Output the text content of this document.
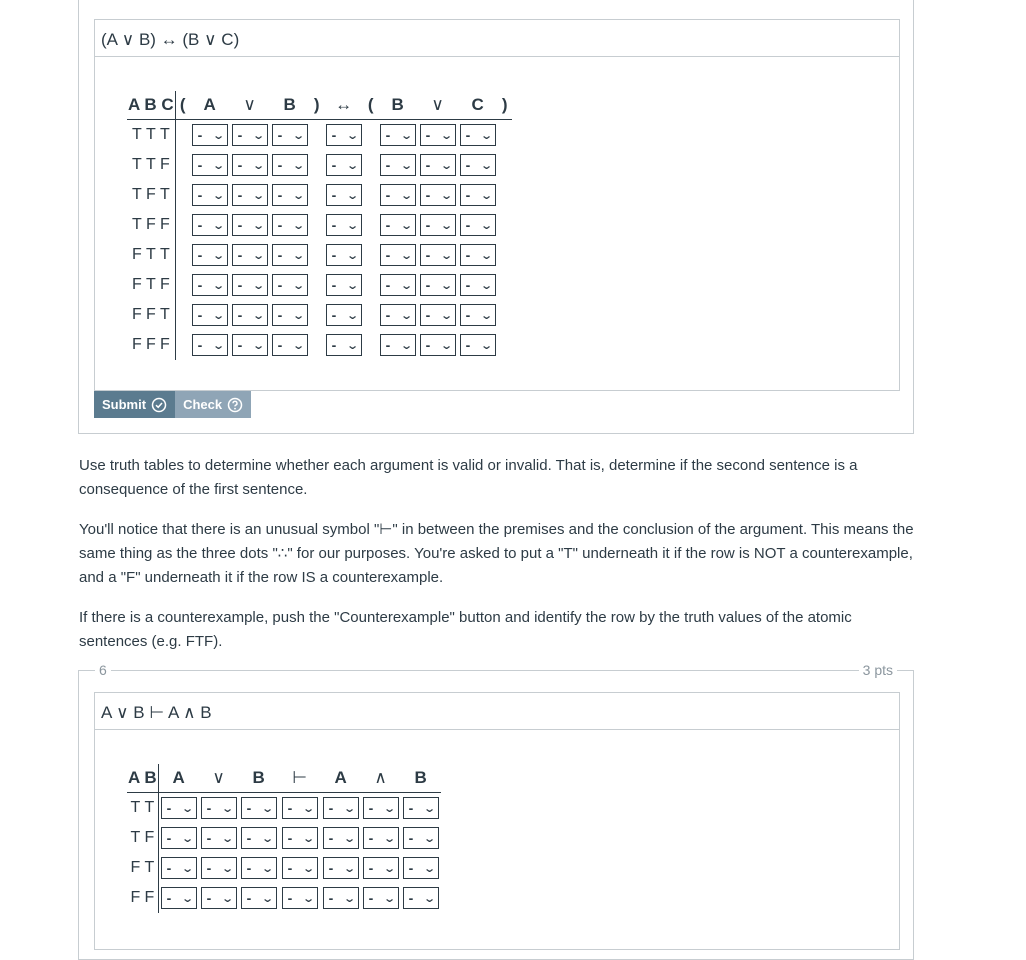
(A ∨ B) ↔ (B ∨ C)
A B C	(	A	∨	B	)	↔	(	B	∨	C	)
T T T		- ⌄	- ⌄	- ⌄		- ⌄		- ⌄	- ⌄	- ⌄	

T T F		- ⌄	- ⌄	- ⌄		- ⌄		- ⌄	- ⌄	- ⌄	

T F T		- ⌄	- ⌄	- ⌄		- ⌄		- ⌄	- ⌄	- ⌄	

T F F		- ⌄	- ⌄	- ⌄		- ⌄		- ⌄	- ⌄	- ⌄	

F T T		- ⌄	- ⌄	- ⌄		- ⌄		- ⌄	- ⌄	- ⌄	

F T F		- ⌄	- ⌄	- ⌄		- ⌄		- ⌄	- ⌄	- ⌄	

F F T		- ⌄	- ⌄	- ⌄		- ⌄		- ⌄	- ⌄	- ⌄	

F F F		- ⌄	- ⌄	- ⌄		- ⌄		- ⌄	- ⌄	- ⌄	

Submit	Check

Use truth tables to determine whether each argument is valid or invalid. That is, determine if the second sentence is a consequence of the first sentence.

You'll notice that there is an unusual symbol "⊢" in between the premises and the conclusion of the argument. This means the same thing as the three dots "∴" for our purposes. You're asked to put a "T" underneath it if the row is NOT a counterexample, and a "F" underneath it if the row IS a counterexample.

If there is a counterexample, push the "Counterexample" button and identify the row by the truth values of the atomic sentences (e.g. FTF).

6	3 pts
A ∨ B ⊢ A ∧ B
A B	A	∨	B	⊢	A	∧	B
T T	- ⌄	- ⌄	- ⌄	- ⌄	- ⌄	- ⌄	- ⌄

T F	- ⌄	- ⌄	- ⌄	- ⌄	- ⌄	- ⌄	- ⌄

F T	- ⌄	- ⌄	- ⌄	- ⌄	- ⌄	- ⌄	- ⌄

F F	- ⌄	- ⌄	- ⌄	- ⌄	- ⌄	- ⌄	- ⌄
